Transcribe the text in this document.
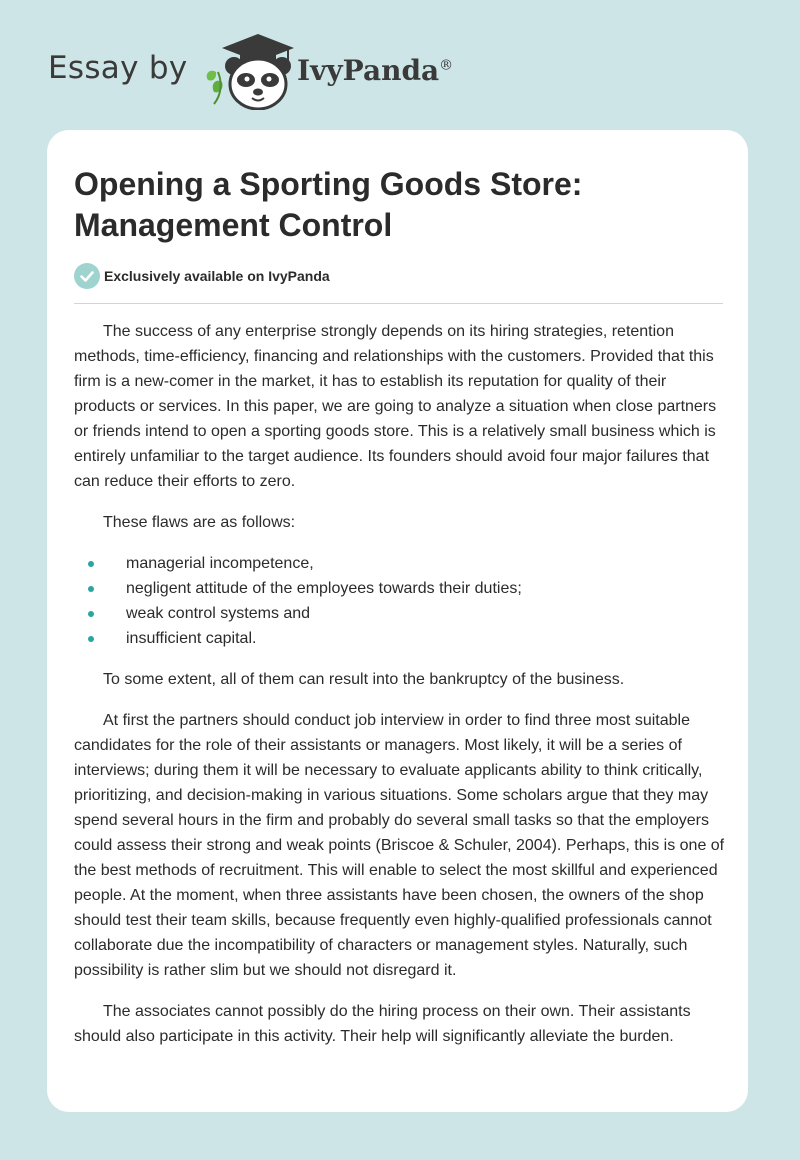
Essay by	IvyPanda®
Opening a Sporting Goods Store:
Management Control
Exclusively available on IvyPanda

The success of any enterprise strongly depends on its hiring strategies, retention methods, time-efficiency, financing and relationships with the customers. Provided that this firm is a new-comer in the market, it has to establish its reputation for quality of their products or services. In this paper, we are going to analyze a situation when close partners or friends intend to open a sporting goods store. This is a relatively small business which is entirely unfamiliar to the target audience. Its founders should avoid four major failures that can reduce their efforts to zero.

These flaws are as follows:

managerial incompetence,
negligent attitude of the employees towards their duties;
weak control systems and
insufficient capital.

To some extent, all of them can result into the bankruptcy of the business.

At first the partners should conduct job interview in order to find three most suitable candidates for the role of their assistants or managers. Most likely, it will be a series of interviews; during them it will be necessary to evaluate applicants ability to think critically, prioritizing, and decision-making in various situations. Some scholars argue that they may spend several hours in the firm and probably do several small tasks so that the employers could assess their strong and weak points (Briscoe & Schuler, 2004). Perhaps, this is one of the best methods of recruitment. This will enable to select the most skillful and experienced people. At the moment, when three assistants have been chosen, the owners of the shop should test their team skills, because frequently even highly-qualified professionals cannot collaborate due the incompatibility of characters or management styles. Naturally, such possibility is rather slim but we should not disregard it.

The associates cannot possibly do the hiring process on their own. Their assistants should also participate in this activity. Their help will significantly alleviate the burden.
